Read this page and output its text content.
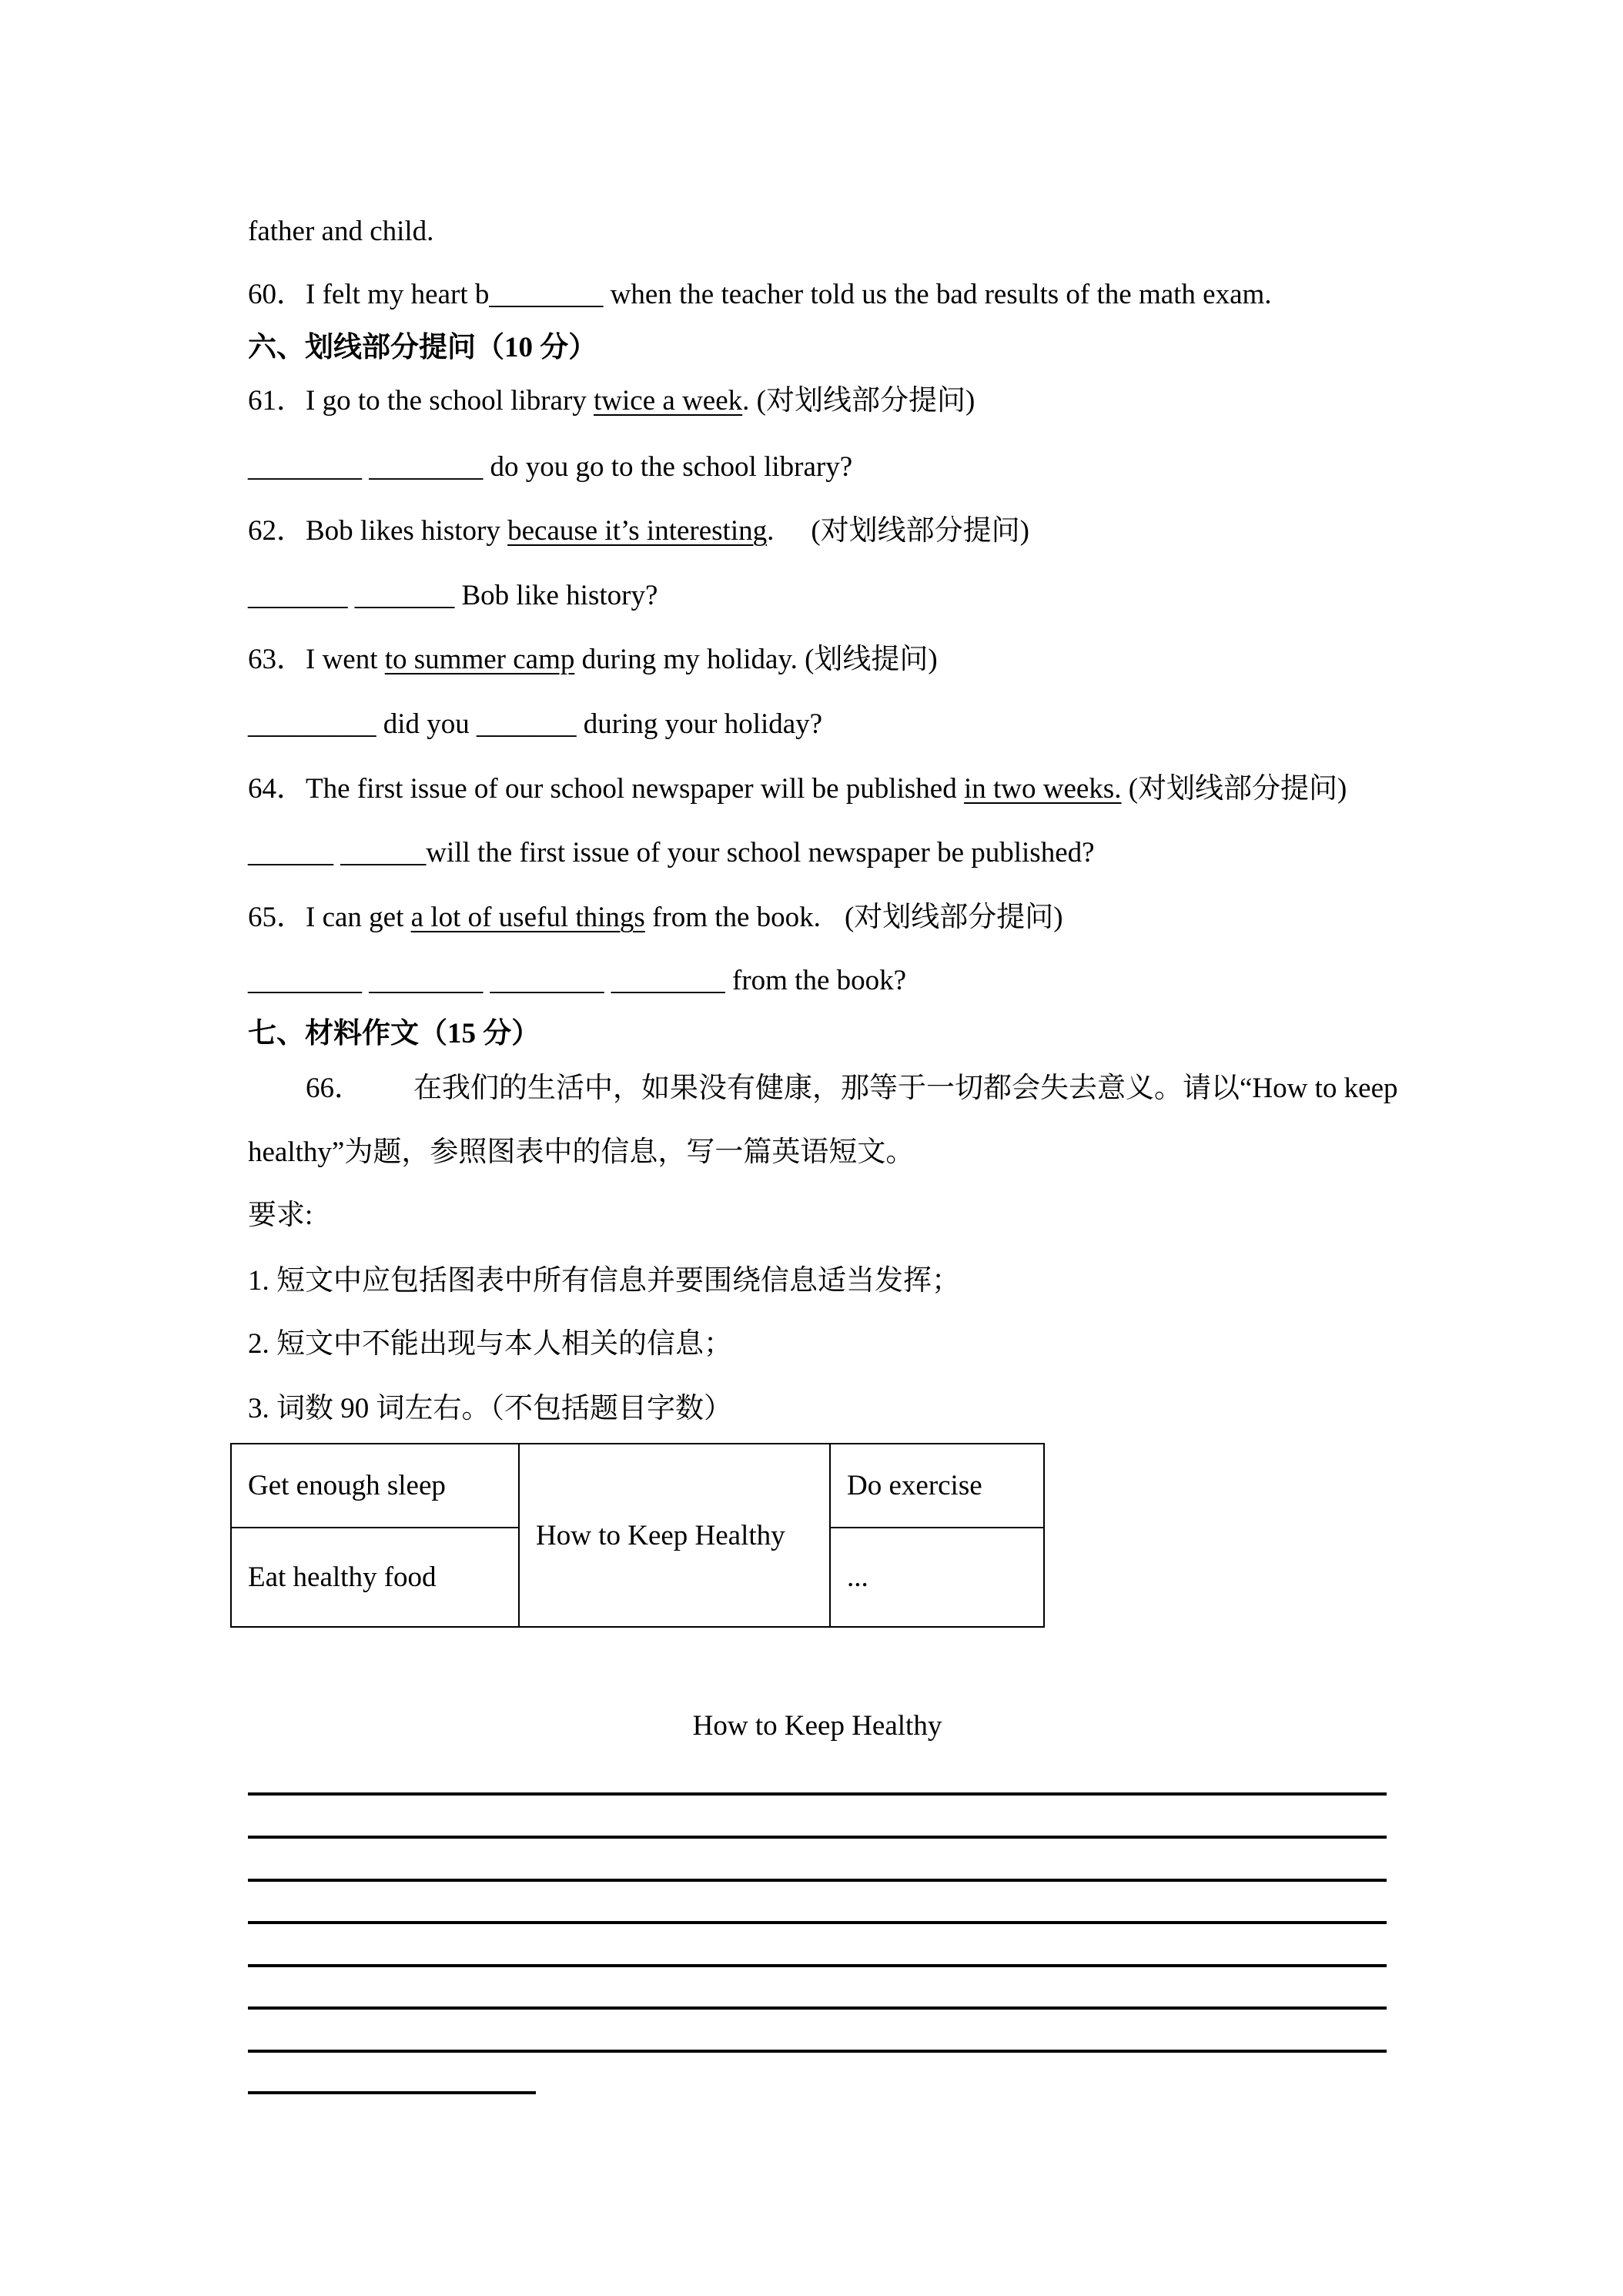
father and child.
60．I felt my heart b________ when the teacher told us the bad results of the math exam.
六、划线部分提问（10 分）
61．I go to the school library twice a week. (对划线部分提问)
________ ________ do you go to the school library?
62．Bob likes history because it’s interesting. (对划线部分提问)
_______ _______ Bob like history?
63．I went to summer camp during my holiday. (划线提问)
_________ did you _______ during your holiday?
64．The first issue of our school newspaper will be published in two weeks. (对划线部分提问)
______ ______will the first issue of your school newspaper be published?
65．I can get a lot of useful things from the book. (对划线部分提问)
________ ________ ________ ________ from the book?
七、材料作文（15 分）
66． 在我们的生活中，如果没有健康，那等于一切都会失去意义。请以“How to keep
healthy”为题，参照图表中的信息，写一篇英语短文。
要求:
1. 短文中应包括图表中所有信息并要围绕信息适当发挥；
2. 短文中不能出现与本人相关的信息；
3. 词数 90 词左右。（不包括题目字数）
Get enough sleep
How to Keep Healthy
Do exercise
Eat healthy food	...
How to Keep Healthy
